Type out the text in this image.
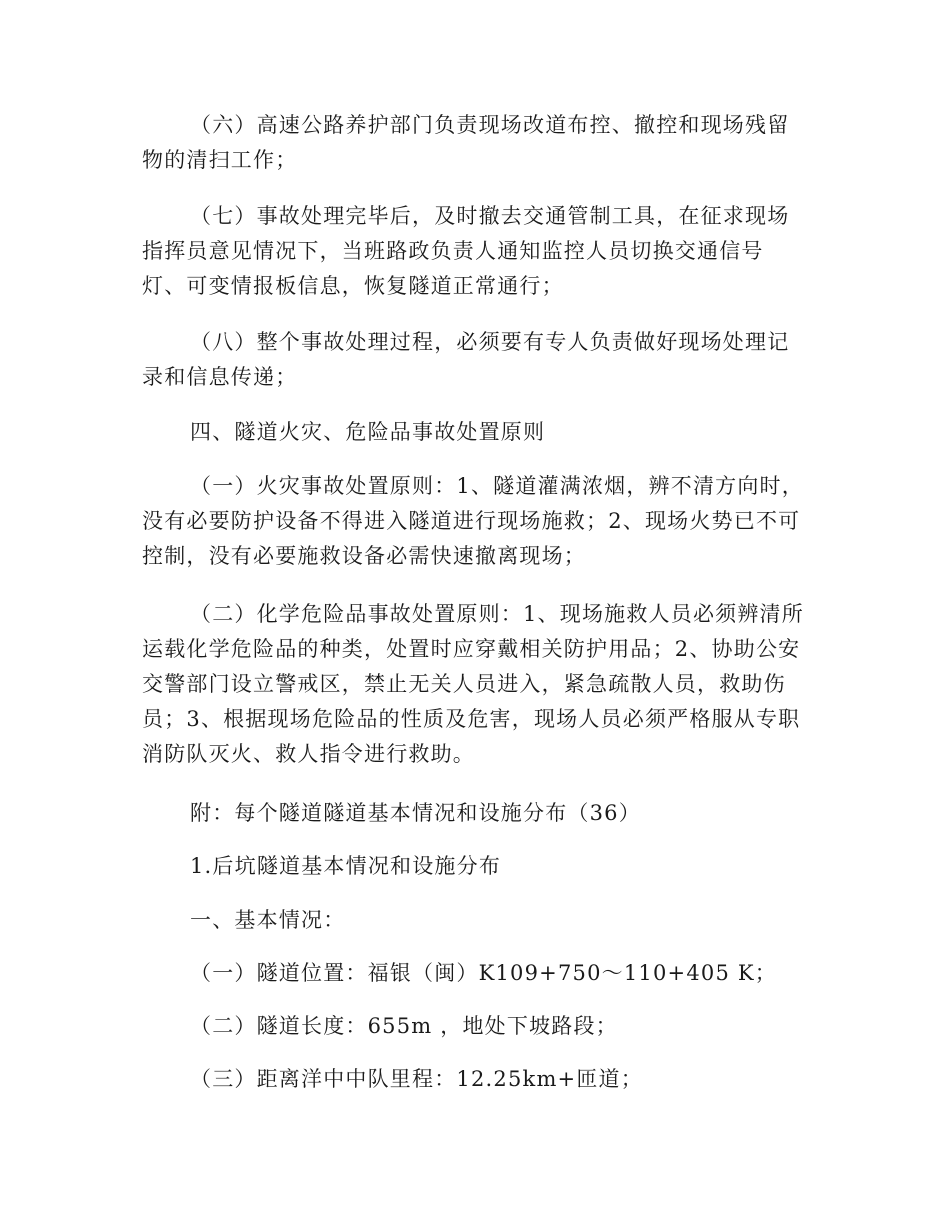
（六）高速公路养护部门负责现场改道布控、撤控和现场残留物的清扫工作；

（七）事故处理完毕后，及时撤去交通管制工具，在征求现场指挥员意见情况下，当班路政负责人通知监控人员切换交通信号灯、可变情报板信息，恢复隧道正常通行；

（八）整个事故处理过程，必须要有专人负责做好现场处理记录和信息传递；

四、隧道火灾、危险品事故处置原则

（一）火灾事故处置原则：1、隧道灌满浓烟，辨不清方向时，没有必要防护设备不得进入隧道进行现场施救；2、现场火势已不可控制，没有必要施救设备必需快速撤离现场；

（二）化学危险品事故处置原则：1、现场施救人员必须辨清所运载化学危险品的种类，处置时应穿戴相关防护用品；2、协助公安交警部门设立警戒区，禁止无关人员进入，紧急疏散人员，救助伤员；3、根据现场危险品的性质及危害，现场人员必须严格服从专职消防队灭火、救人指令进行救助。

附：每个隧道隧道基本情况和设施分布（36）

1.后坑隧道基本情况和设施分布

一、基本情况：

（一）隧道位置：福银（闽）K109+750～110+405 K；

（二）隧道长度：655m ，地处下坡路段；

（三）距离洋中中队里程：12.25km+匝道；
